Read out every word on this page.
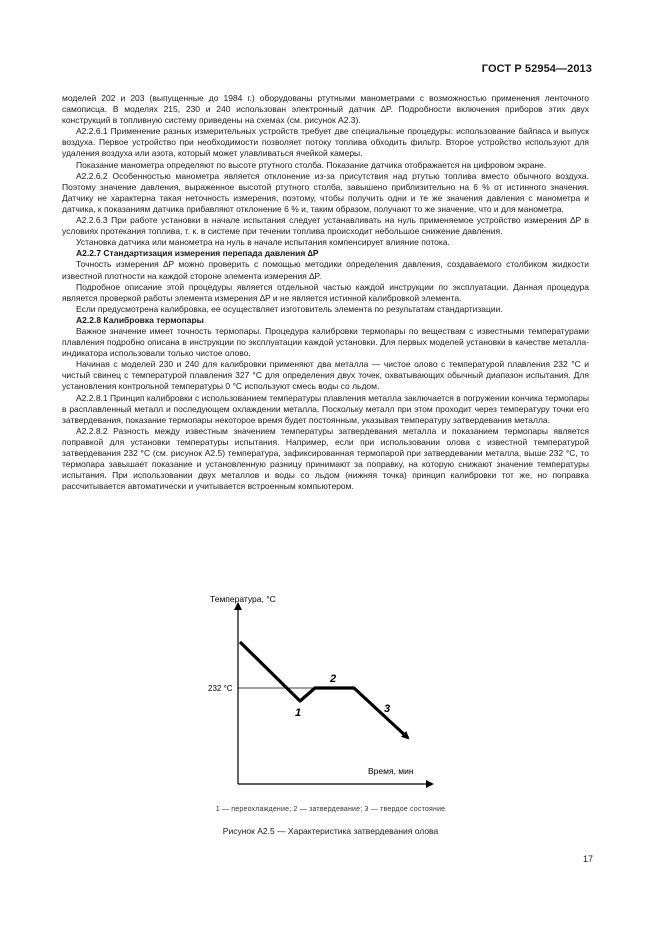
ГОСТ Р 52954—2013

моделей 202 и 203 (выпущенные до 1984 г.) оборудованы ртутными манометрами с возможностью применения ленточного самописца. В моделях 215, 230 и 240 использован электронный датчик ∆P. Подробности включения приборов этих двух конструкций в топливную систему приведены на схемах (см. рисунок А2.3).

А2.2.6.1 Применение разных измерительных устройств требует две специальные процедуры: использование байпаса и выпуск воздуха. Первое устройство при необходимости позволяет потоку топлива обходить фильтр. Второе устройство используют для удаления воздуха или азота, который может улавливаться ячейкой камеры.

Показание манометра определяют по высоте ртутного столба. Показание датчика отображается на цифровом экране.

А2.2.6.2 Особенностью манометра является отклонение из-за присутствия над ртутью топлива вместо обычного воздуха. Поэтому значение давления, выраженное высотой ртутного столба, завышено приблизительно на 6 % от истинного значения. Датчику не характерна такая неточность измерения, поэтому, чтобы получить одни и те же значения давления с манометра и датчика, к показаниям датчика прибавляют отклонение 6 % и, таким образом, получают то же значение, что и для манометра.

А2.2.6.3 При работе установки в начале испытания следует устанавливать на нуль применяемое устройство измерения ∆P в условиях протекания топлива, т. к. в системе при течении топлива происходит небольшое снижение давления.

Установка датчика или манометра на нуль в начале испытания компенсирует влияние потока.

А2.2.7 Стандартизация измерения перепада давления ∆P

Точность измерения ∆P можно проверить с помощью методики определения давления, создаваемого столбиком жидкости известной плотности на каждой стороне элемента измерения ∆P.

Подробное описание этой процедуры является отдельной частью каждой инструкции по эксплуатации. Данная процедура является проверкой работы элемента измерения ∆P и не является истинной калибровкой элемента.

Если предусмотрена калибровка, ее осуществляет изготовитель элемента по результатам стандартизации.

А2.2.8 Калибровка термопары

Важное значение имеет точность термопары. Процедура калибровки термопары по веществам с известными температурами плавления подробно описана в инструкции по эксплуатации каждой установки. Для первых моделей установки в качестве металла-индикатора использовали только чистое олово.

Начиная с моделей 230 и 240 для калибровки применяют два металла — чистое олово с температурой плавления 232 °С и чистый свинец с температурой плавления 327 °С для определения двух точек, охватывающих обычный диапазон испытания. Для установления контрольной температуры 0 °С используют смесь воды со льдом.

А2.2.8.1 Принцип калибровки с использованием температуры плавления металла заключается в погружении кончика термопары в расплавленный металл и последующем охлаждении металла. Поскольку металл при этом проходит через температуру точки его затвердевания, показание термопары некоторое время будет постоянным, указывая температуру затвердевания металла.

А2.2.8.2 Разность между известным значением температуры затвердевания металла и показанием термопары является поправкой для установки температуры испытания. Например, если при использовании олова с известной температурой затвердевания 232 °С (см. рисунок А2.5) температура, зафиксированная термопарой при затвердевании металла, выше 232 °С, то термопара завышает показание и установленную разницу принимают за поправку, на которую снижают значение температуры испытания. При использовании двух металлов и воды со льдом (нижняя точка) принцип калибровки тот же, но поправка рассчитывается автоматически и учитывается встроенным компьютером.

Температура, °С
Время, мин
232 °С
1
2
3
1 — переохлаждение; 2 — затвердевание; 3 — твердое состояние
Рисунок А2.5 — Характеристика затвердевания олова
17
